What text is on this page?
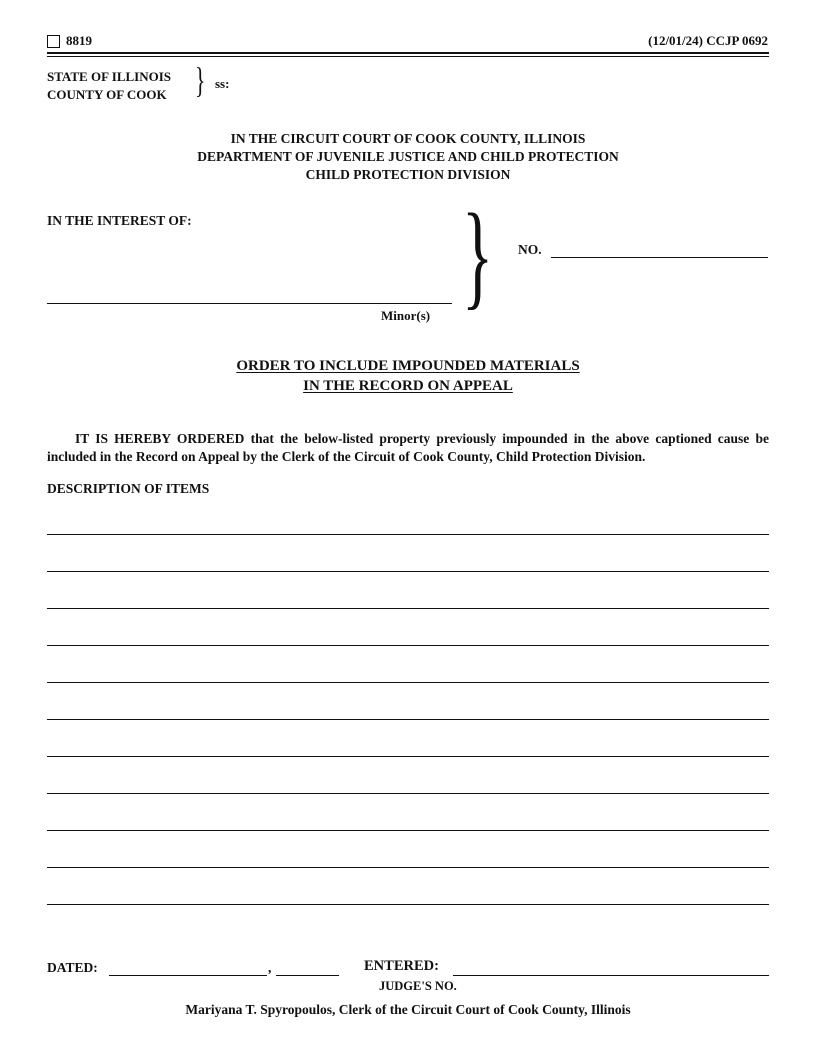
8819	(12/01/24) CCJP 0692
STATE OF ILLINOIS
COUNTY OF COOK } ss:
IN THE CIRCUIT COURT OF COOK COUNTY, ILLINOIS
DEPARTMENT OF JUVENILE JUSTICE AND CHILD PROTECTION
CHILD PROTECTION DIVISION
IN THE INTEREST OF: } NO.
Minor(s)
ORDER TO INCLUDE IMPOUNDED MATERIALS
IN THE RECORD ON APPEAL
IT IS HEREBY ORDERED that the below-listed property previously impounded in the above captioned cause be included in the Record on Appeal by the Clerk of the Circuit of Cook County, Child Protection Division.
DESCRIPTION OF ITEMS
DATED:	,	ENTERED:
JUDGE'S NO.
Mariyana T. Spyropoulos, Clerk of the Circuit Court of Cook County, Illinois
